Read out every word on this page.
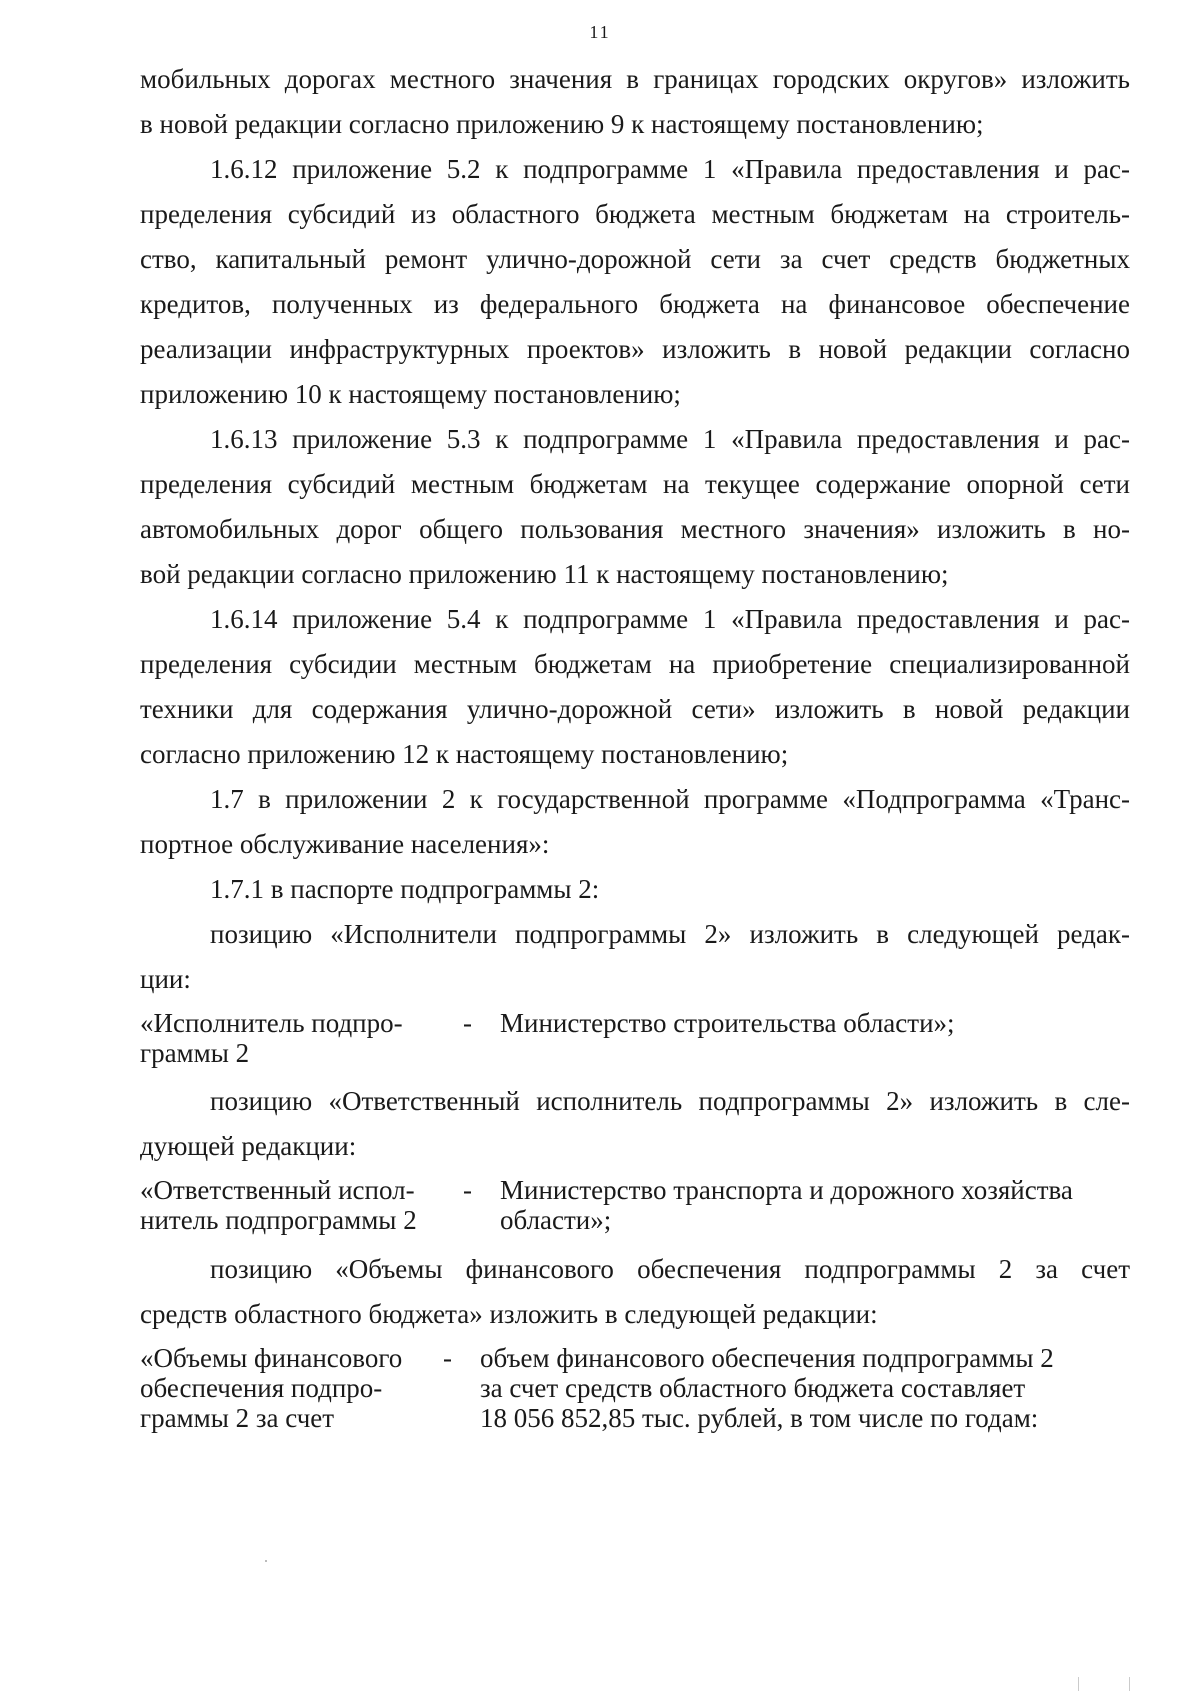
11
мобильных дорогах местного значения в границах городских округов» изложить
в новой редакции согласно приложению 9 к настоящему постановлению;
1.6.12 приложение 5.2 к подпрограмме 1 «Правила предоставления и рас-
пределения субсидий из областного бюджета местным бюджетам на строитель-
ство, капитальный ремонт улично-дорожной сети за счет средств бюджетных
кредитов, полученных из федерального бюджета на финансовое обеспечение
реализации инфраструктурных проектов» изложить в новой редакции согласно
приложению 10 к настоящему постановлению;
1.6.13 приложение 5.3 к подпрограмме 1 «Правила предоставления и рас-
пределения субсидий местным бюджетам на текущее содержание опорной сети
автомобильных дорог общего пользования местного значения» изложить в но-
вой редакции согласно приложению 11 к настоящему постановлению;
1.6.14 приложение 5.4 к подпрограмме 1 «Правила предоставления и рас-
пределения субсидии местным бюджетам на приобретение специализированной
техники для содержания улично-дорожной сети» изложить в новой редакции
согласно приложению 12 к настоящему постановлению;
1.7 в приложении 2 к государственной программе «Подпрограмма «Транс-
портное обслуживание населения»:
1.7.1 в паспорте подпрограммы 2:
позицию «Исполнители подпрограммы 2» изложить в следующей редак-
ции:
«Исполнитель подпро-
граммы 2
- Министерство строительства области»;
позицию «Ответственный исполнитель подпрограммы 2» изложить в сле-
дующей редакции:
«Ответственный испол-
нитель подпрограммы 2
- Министерство транспорта и дорожного хозяйства
области»;
позицию «Объемы финансового обеспечения подпрограммы 2 за счет
средств областного бюджета» изложить в следующей редакции:
«Объемы финансового
обеспечения подпро-
граммы 2 за счет
- объем финансового обеспечения подпрограммы 2
за счет средств областного бюджета составляет
18 056 852,85 тыс. рублей, в том числе по годам:
